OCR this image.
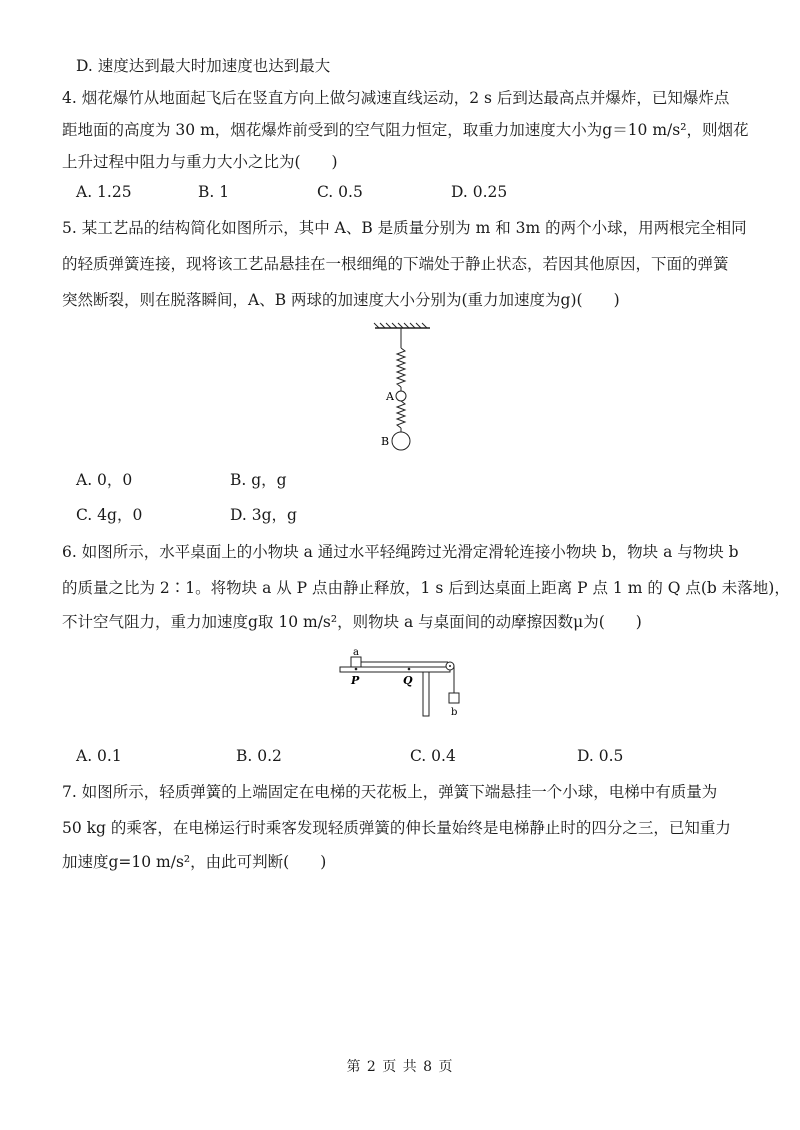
D. 速度达到最大时加速度也达到最大
4. 烟花爆竹从地面起飞后在竖直方向上做匀减速直线运动，2 s 后到达最高点并爆炸，已知爆炸点
距地面的高度为 30 m，烟花爆炸前受到的空气阻力恒定，取重力加速度大小为g＝10 m/s²，则烟花
上升过程中阻力与重力大小之比为(　　)
A. 1.25	B. 1	C. 0.5	D. 0.25
5. 某工艺品的结构简化如图所示，其中 A、B 是质量分别为 m 和 3m 的两个小球，用两根完全相同
的轻质弹簧连接，现将该工艺品悬挂在一根细绳的下端处于静止状态，若因其他原因，下面的弹簧
突然断裂，则在脱落瞬间，A、B 两球的加速度大小分别为(重力加速度为g)(　　)
A
B
A. 0，0	B. g，g
C. 4g，0	D. 3g，g
6. 如图所示，水平桌面上的小物块 a 通过水平轻绳跨过光滑定滑轮连接小物块 b，物块 a 与物块 b
的质量之比为 2∶1。将物块 a 从 P 点由静止释放，1 s 后到达桌面上距离 P 点 1 m 的 Q 点(b 未落地)，
不计空气阻力，重力加速度g取 10 m/s²，则物块 a 与桌面间的动摩擦因数μ为(　　)
a
b
P	Q
A. 0.1	B. 0.2	C. 0.4	D. 0.5
7. 如图所示，轻质弹簧的上端固定在电梯的天花板上，弹簧下端悬挂一个小球，电梯中有质量为
50 kg 的乘客，在电梯运行时乘客发现轻质弹簧的伸长量始终是电梯静止时的四分之三，已知重力
加速度g=10 m/s²，由此可判断(　　)
第 2 页 共 8 页
